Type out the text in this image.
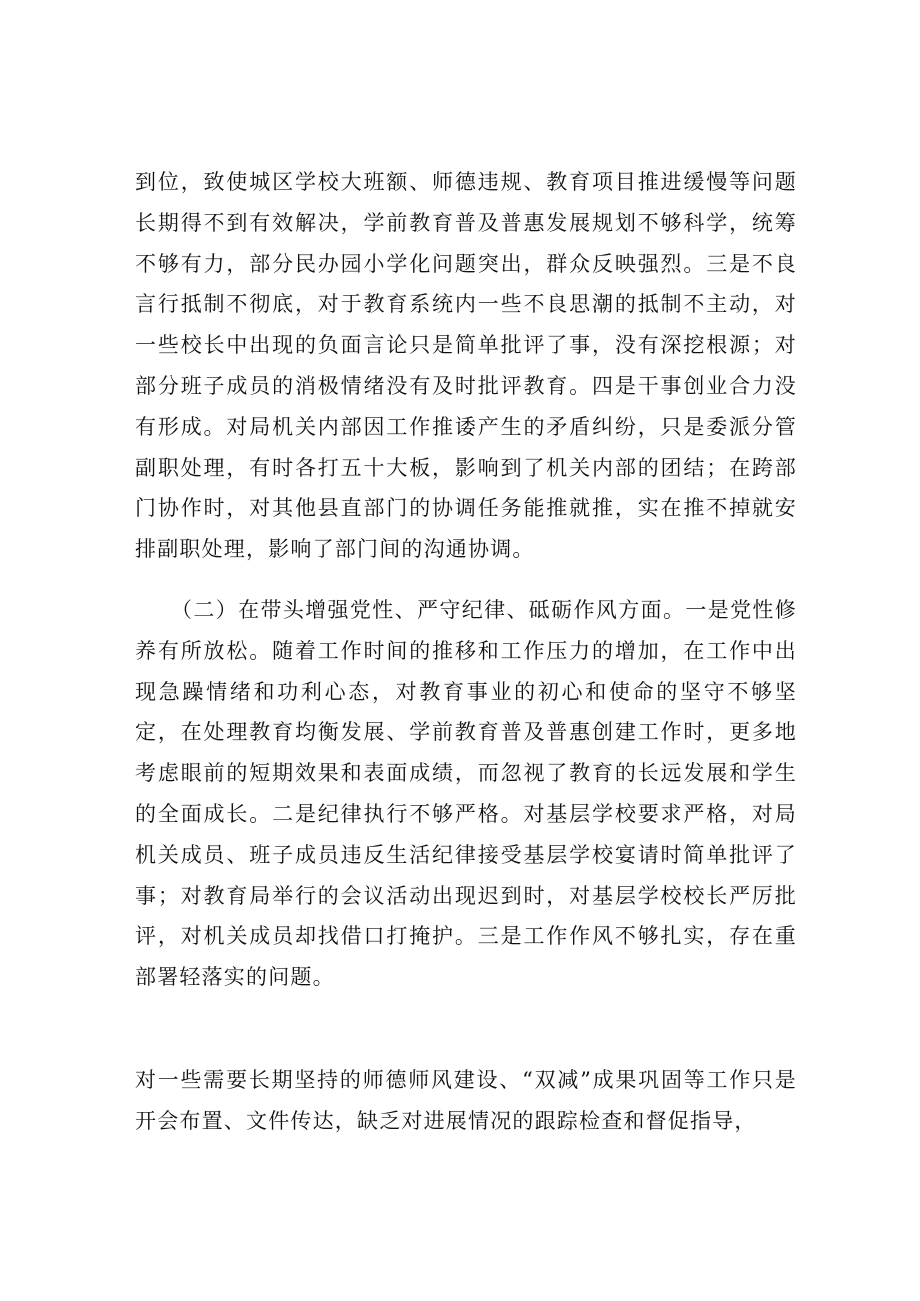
到位，致使城区学校大班额、师德违规、教育项目推进缓慢等问题长期得不到有效解决，学前教育普及普惠发展规划不够科学，统筹不够有力，部分民办园小学化问题突出，群众反映强烈。三是不良言行抵制不彻底，对于教育系统内一些不良思潮的抵制不主动，对一些校长中出现的负面言论只是简单批评了事，没有深挖根源；对部分班子成员的消极情绪没有及时批评教育。四是干事创业合力没有形成。对局机关内部因工作推诿产生的矛盾纠纷，只是委派分管副职处理，有时各打五十大板，影响到了机关内部的团结；在跨部门协作时，对其他县直部门的协调任务能推就推，实在推不掉就安排副职处理，影响了部门间的沟通协调。

（二）在带头增强党性、严守纪律、砥砺作风方面。一是党性修养有所放松。随着工作时间的推移和工作压力的增加，在工作中出现急躁情绪和功利心态，对教育事业的初心和使命的坚守不够坚定，在处理教育均衡发展、学前教育普及普惠创建工作时，更多地考虑眼前的短期效果和表面成绩，而忽视了教育的长远发展和学生的全面成长。二是纪律执行不够严格。对基层学校要求严格，对局机关成员、班子成员违反生活纪律接受基层学校宴请时简单批评了事；对教育局举行的会议活动出现迟到时，对基层学校校长严厉批评，对机关成员却找借口打掩护。三是工作作风不够扎实，存在重部署轻落实的问题。

对一些需要长期坚持的师德师风建设、“双减”成果巩固等工作只是开会布置、文件传达，缺乏对进展情况的跟踪检查和督促指导，
